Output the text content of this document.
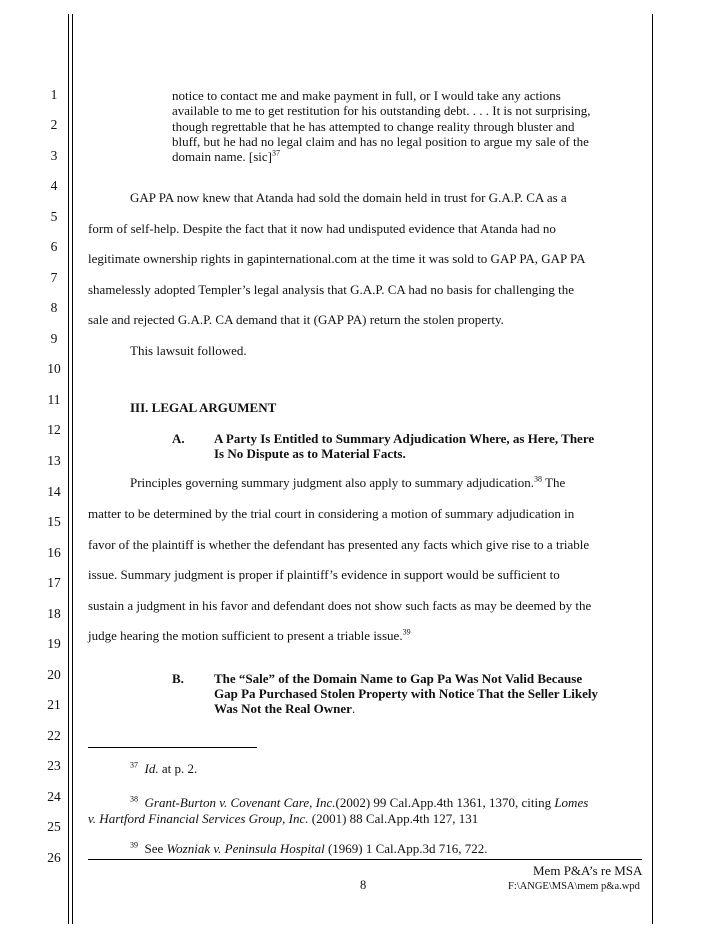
1
2
3
4
5
6
7
8
9
10
11
12
13
14
15
16
17
18
19
20
21
22
23
24
25
26
notice to contact me and make payment in full, or I would take any actions
available to me to get restitution for his outstanding debt. . . . It is not surprising,
though regrettable that he has attempted to change reality through bluster and
bluff, but he had no legal claim and has no legal position to argue my sale of the
domain name. [sic]$^{37}$
GAP PA now knew that Atanda had sold the domain held in trust for G.A.P. CA as a
form of self-help. Despite the fact that it now had undisputed evidence that Atanda had no
legitimate ownership rights in gapinternational.com at the time it was sold to GAP PA, GAP PA
shamelessly adopted Templer’s legal analysis that G.A.P. CA had no basis for challenging the
sale and rejected G.A.P. CA demand that it (GAP PA) return the stolen property.
This lawsuit followed.
III. LEGAL ARGUMENT
A. A Party Is Entitled to Summary Adjudication Where, as Here, There
Is No Dispute as to Material Facts.
Principles governing summary judgment also apply to summary adjudication.$^{38}$ The
matter to be determined by the trial court in considering a motion of summary adjudication in
favor of the plaintiff is whether the defendant has presented any facts which give rise to a triable
issue. Summary judgment is proper if plaintiff’s evidence in support would be sufficient to
sustain a judgment in his favor and defendant does not show such facts as may be deemed by the
judge hearing the motion sufficient to present a triable issue.$^{39}$
B. The “Sale” of the Domain Name to Gap Pa Was Not Valid Because
Gap Pa Purchased Stolen Property with Notice That the Seller Likely
Was Not the Real Owner.
$^{37}$ Id. at p. 2.
$^{38}$ Grant-Burton v. Covenant Care, Inc.(2002) 99 Cal.App.4th 1361, 1370, citing Lomes
v. Hartford Financial Services Group, Inc. (2001) 88 Cal.App.4th 127, 131
$^{39}$ See Wozniak v. Peninsula Hospital (1969) 1 Cal.App.3d 716, 722.
8
Mem P&A’s re MSA
F:\ANGE\MSA\mem p&a.wpd
